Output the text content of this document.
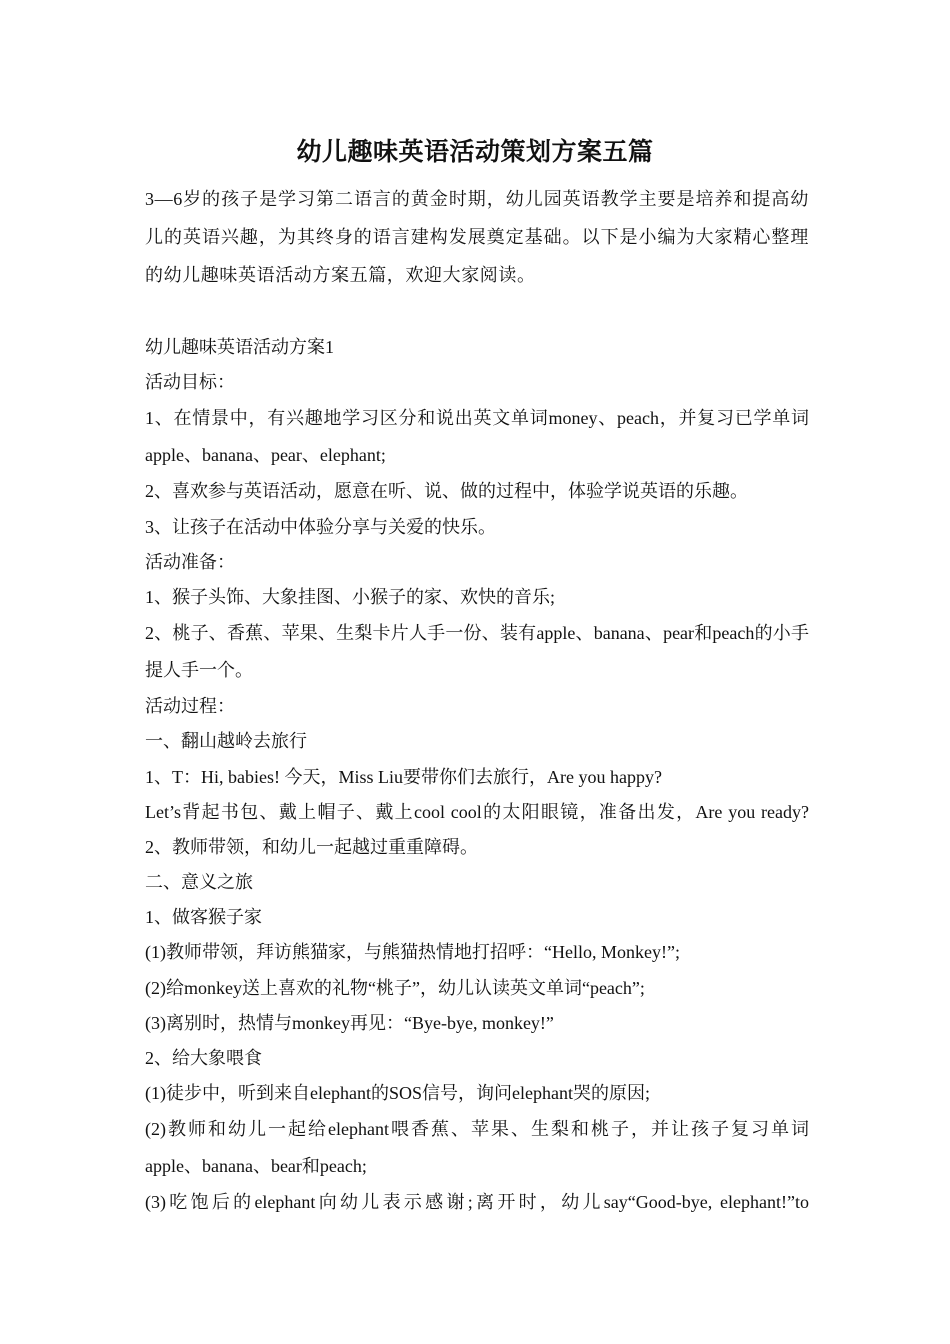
幼儿趣味英语活动策划方案五篇

3—6岁的孩子是学习第二语言的黄金时期，幼儿园英语教学主要是培养和提高幼儿的英语兴趣，为其终身的语言建构发展奠定基础。以下是小编为大家精心整理的幼儿趣味英语活动方案五篇，欢迎大家阅读。

幼儿趣味英语活动方案1
活动目标：
1、在情景中，有兴趣地学习区分和说出英文单词money、peach，并复习已学单词
apple、banana、pear、elephant;
2、喜欢参与英语活动，愿意在听、说、做的过程中，体验学说英语的乐趣。
3、让孩子在活动中体验分享与关爱的快乐。
活动准备：
1、猴子头饰、大象挂图、小猴子的家、欢快的音乐;
2、桃子、香蕉、苹果、生梨卡片人手一份、装有apple、banana、pear和peach的小手
提人手一个。
活动过程：
一、翻山越岭去旅行
1、T：Hi, babies! 今天，Miss Liu要带你们去旅行，Are you happy?
Let’s背起书包、戴上帽子、戴上cool cool的太阳眼镜，准备出发，Are you ready?
2、教师带领，和幼儿一起越过重重障碍。
二、意义之旅
1、做客猴子家
(1)教师带领，拜访熊猫家，与熊猫热情地打招呼：“Hello, Monkey!”;
(2)给monkey送上喜欢的礼物“桃子”，幼儿认读英文单词“peach”;
(3)离别时，热情与monkey再见：“Bye-bye, monkey!”
2、给大象喂食
(1)徒步中，听到来自elephant的SOS信号，询问elephant哭的原因;
(2)教师和幼儿一起给elephant喂香蕉、苹果、生梨和桃子，并让孩子复习单词
apple、banana、bear和peach;
(3)吃饱后的elephant向幼儿表示感谢;离开时，幼儿say“Good-bye, elephant!”to
